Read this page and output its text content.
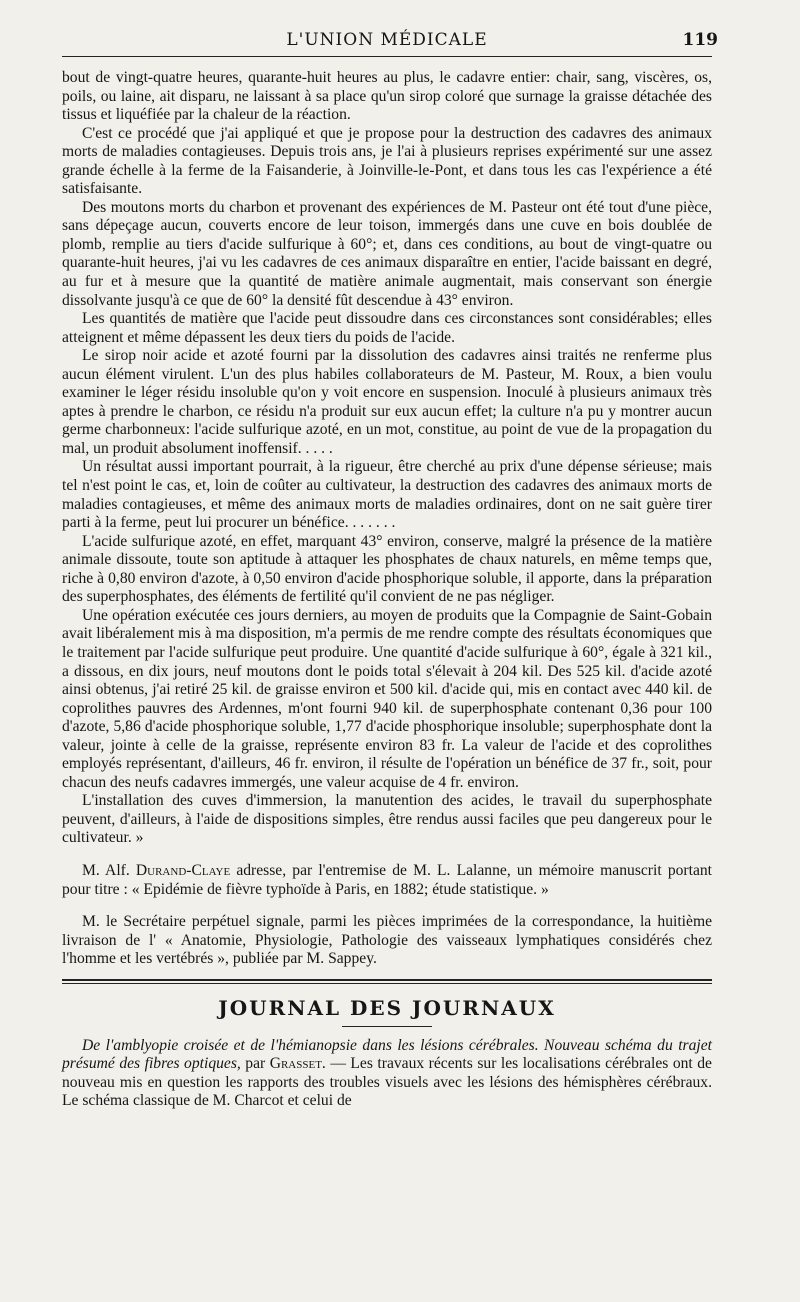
L'UNION MÉDICALE	119

bout de vingt-quatre heures, quarante-huit heures au plus, le cadavre entier: chair, sang, viscères, os, poils, ou laine, ait disparu, ne laissant à sa place qu'un sirop coloré que surnage la graisse détachée des tissus et liquéfiée par la chaleur de la réaction.

C'est ce procédé que j'ai appliqué et que je propose pour la destruction des cadavres des animaux morts de maladies contagieuses. Depuis trois ans, je l'ai à plusieurs reprises expérimenté sur une assez grande échelle à la ferme de la Faisanderie, à Joinville-le-Pont, et dans tous les cas l'expérience a été satisfaisante.

Des moutons morts du charbon et provenant des expériences de M. Pasteur ont été tout d'une pièce, sans dépeçage aucun, couverts encore de leur toison, immergés dans une cuve en bois doublée de plomb, remplie au tiers d'acide sulfurique à 60°; et, dans ces conditions, au bout de vingt-quatre ou quarante-huit heures, j'ai vu les cadavres de ces animaux disparaître en entier, l'acide baissant en degré, au fur et à mesure que la quantité de matière animale augmentait, mais conservant son énergie dissolvante jusqu'à ce que de 60° la densité fût descendue à 43° environ.

Les quantités de matière que l'acide peut dissoudre dans ces circonstances sont considérables; elles atteignent et même dépassent les deux tiers du poids de l'acide.

Le sirop noir acide et azoté fourni par la dissolution des cadavres ainsi traités ne renferme plus aucun élément virulent. L'un des plus habiles collaborateurs de M. Pasteur, M. Roux, a bien voulu examiner le léger résidu insoluble qu'on y voit encore en suspension. Inoculé à plusieurs animaux très aptes à prendre le charbon, ce résidu n'a produit sur eux aucun effet; la culture n'a pu y montrer aucun germe charbonneux: l'acide sulfurique azoté, en un mot, constitue, au point de vue de la propagation du mal, un produit absolument inoffensif. . . . .

Un résultat aussi important pourrait, à la rigueur, être cherché au prix d'une dépense sérieuse; mais tel n'est point le cas, et, loin de coûter au cultivateur, la destruction des cadavres des animaux morts de maladies contagieuses, et même des animaux morts de maladies ordinaires, dont on ne sait guère tirer parti à la ferme, peut lui procurer un bénéfice. . . . . . .

L'acide sulfurique azoté, en effet, marquant 43° environ, conserve, malgré la présence de la matière animale dissoute, toute son aptitude à attaquer les phosphates de chaux naturels, en même temps que, riche à 0,80 environ d'azote, à 0,50 environ d'acide phosphorique soluble, il apporte, dans la préparation des superphosphates, des éléments de fertilité qu'il convient de ne pas négliger.

Une opération exécutée ces jours derniers, au moyen de produits que la Compagnie de Saint-Gobain avait libéralement mis à ma disposition, m'a permis de me rendre compte des résultats économiques que le traitement par l'acide sulfurique peut produire. Une quantité d'acide sulfurique à 60°, égale à 321 kil., a dissous, en dix jours, neuf moutons dont le poids total s'élevait à 204 kil. Des 525 kil. d'acide azoté ainsi obtenus, j'ai retiré 25 kil. de graisse environ et 500 kil. d'acide qui, mis en contact avec 440 kil. de coprolithes pauvres des Ardennes, m'ont fourni 940 kil. de superphosphate contenant 0,36 pour 100 d'azote, 5,86 d'acide phosphorique soluble, 1,77 d'acide phosphorique insoluble; superphosphate dont la valeur, jointe à celle de la graisse, représente environ 83 fr. La valeur de l'acide et des coprolithes employés représentant, d'ailleurs, 46 fr. environ, il résulte de l'opération un bénéfice de 37 fr., soit, pour chacun des neufs cadavres immergés, une valeur acquise de 4 fr. environ.

L'installation des cuves d'immersion, la manutention des acides, le travail du superphosphate peuvent, d'ailleurs, à l'aide de dispositions simples, être rendus aussi faciles que peu dangereux pour le cultivateur. »

M. Alf. Durand-Claye adresse, par l'entremise de M. L. Lalanne, un mémoire manuscrit portant pour titre : « Epidémie de fièvre typhoïde à Paris, en 1882; étude statistique. »

M. le Secrétaire perpétuel signale, parmi les pièces imprimées de la correspondance, la huitième livraison de l' « Anatomie, Physiologie, Pathologie des vaisseaux lymphatiques considérés chez l'homme et les vertébrés », publiée par M. Sappey.

JOURNAL DES JOURNAUX

De l'amblyopie croisée et de l'hémianopsie dans les lésions cérébrales. Nouveau schéma du trajet présumé des fibres optiques, par Grasset. — Les travaux récents sur les localisations cérébrales ont de nouveau mis en question les rapports des troubles visuels avec les lésions des hémisphères cérébraux. Le schéma classique de M. Charcot et celui de
